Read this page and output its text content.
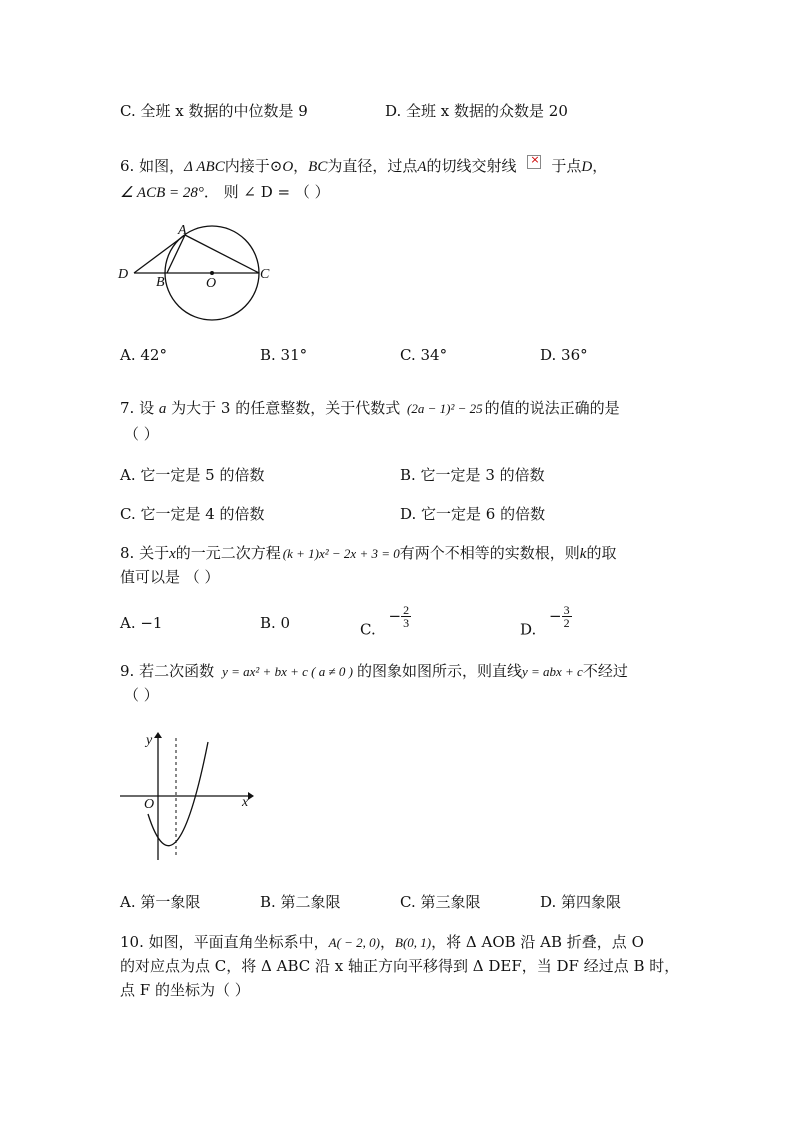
C. 全班 x 数据的中位数是 9	D. 全班 x 数据的众数是 20
6. 如图，Δ ABC内接于⊙O，BC为直径，过点A的切线交射线 × 于点D，
∠ ACB = 28°． 则 ∠ D = （ ）
A
B
C
D
O
A. 42°	B. 31°	C. 34°	D. 36°
7. 设 a 为大于 3 的任意整数，关于代数式 (2a − 1)² − 25 的值的说法正确的是
（ ）
A. 它一定是 5 的倍数	B. 它一定是 3 的倍数
C. 它一定是 4 的倍数	D. 它一定是 6 的倍数
8. 关于x的一元二次方程 (k + 1)x² − 2x + 3 = 0有两个不相等的实数根，则k的取
值可以是 （ ）
A. −1	B. 0	C. − $\frac{2}{3}$
D. − $\frac{3}{2}$
9. 若二次函数 y = ax² + bx + c ( a ≠ 0 ) 的图象如图所示，则直线y = abx + c不经过
（ ）
y
x
O
A. 第一象限	B. 第二象限	C. 第三象限	D. 第四象限
10. 如图，平面直角坐标系中，A( − 2, 0)，B(0, 1)，将 Δ AOB 沿 AB 折叠，点 O
的对应点为点 C，将 Δ ABC 沿 x 轴正方向平移得到 Δ DEF，当 DF 经过点 B 时，
点 F 的坐标为（ ）
